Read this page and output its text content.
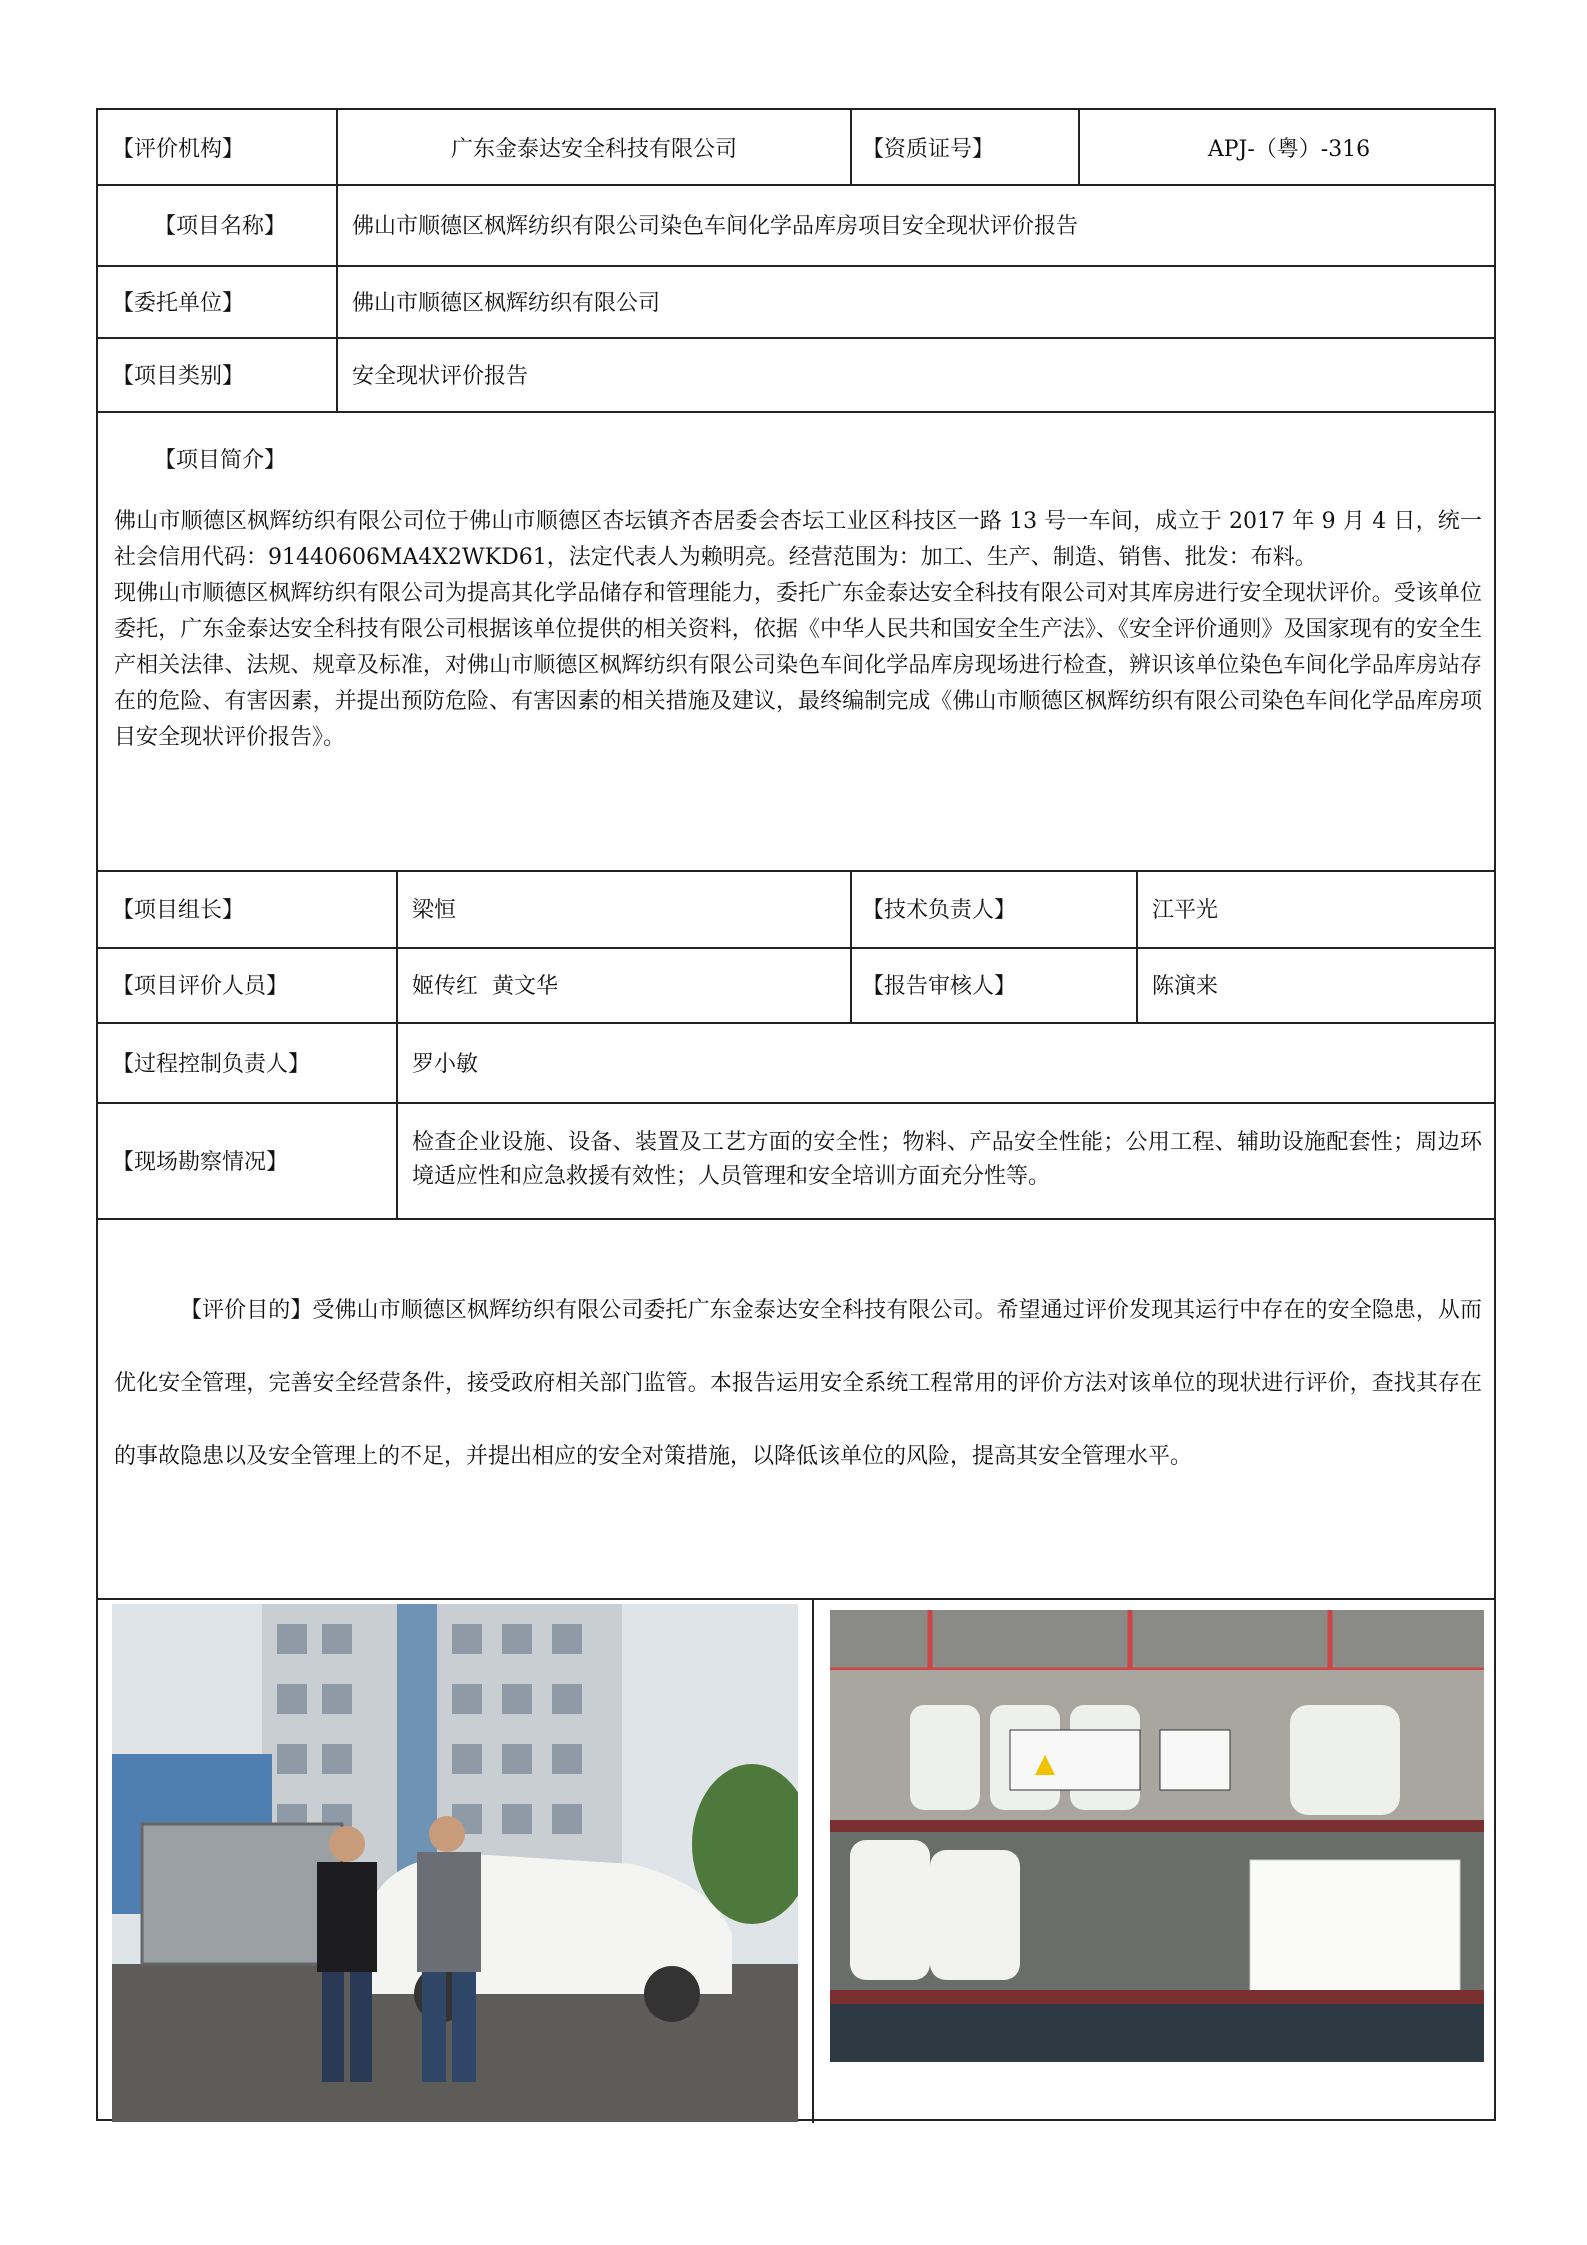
【评价机构】	广东金泰达安全科技有限公司	【资质证号】	APJ-（粤）-316
【项目名称】	佛山市顺德区枫辉纺织有限公司染色车间化学品库房项目安全现状评价报告
【委托单位】	佛山市顺德区枫辉纺织有限公司
【项目类别】	安全现状评价报告
【项目简介】

佛山市顺德区枫辉纺织有限公司位于佛山市顺德区杏坛镇齐杏居委会杏坛工业区科技区一路 13 号一车间，成立于 2017 年 9 月 4 日，统一社会信用代码：91440606MA4X2WKD61，法定代表人为赖明亮。经营范围为：加工、生产、制造、销售、批发：布料。

现佛山市顺德区枫辉纺织有限公司为提高其化学品储存和管理能力，委托广东金泰达安全科技有限公司对其库房进行安全现状评价。受该单位委托，广东金泰达安全科技有限公司根据该单位提供的相关资料，依据《中华人民共和国安全生产法》、《安全评价通则》及国家现有的安全生产相关法律、法规、规章及标准，对佛山市顺德区枫辉纺织有限公司染色车间化学品库房现场进行检查，辨识该单位染色车间化学品库房站存在的危险、有害因素，并提出预防危险、有害因素的相关措施及建议，最终编制完成《佛山市顺德区枫辉纺织有限公司染色车间化学品库房项目安全现状评价报告》。

【项目组长】	梁恒	【技术负责人】	江平光
【项目评价人员】	姬传红  黄文华	【报告审核人】	陈演来
【过程控制负责人】	罗小敏
【现场勘察情况】
检查企业设施、设备、装置及工艺方面的安全性；物料、产品安全性能；公用工程、辅助设施配套性；周边环境适应性和应急救援有效性；人员管理和安全培训方面充分性等。
【评价目的】受佛山市顺德区枫辉纺织有限公司委托广东金泰达安全科技有限公司。希望通过评价发现其运行中存在的安全隐患，从而优化安全管理，完善安全经营条件，接受政府相关部门监管。本报告运用安全系统工程常用的评价方法对该单位的现状进行评价，查找其存在的事故隐患以及安全管理上的不足，并提出相应的安全对策措施，以降低该单位的风险，提高其安全管理水平。
